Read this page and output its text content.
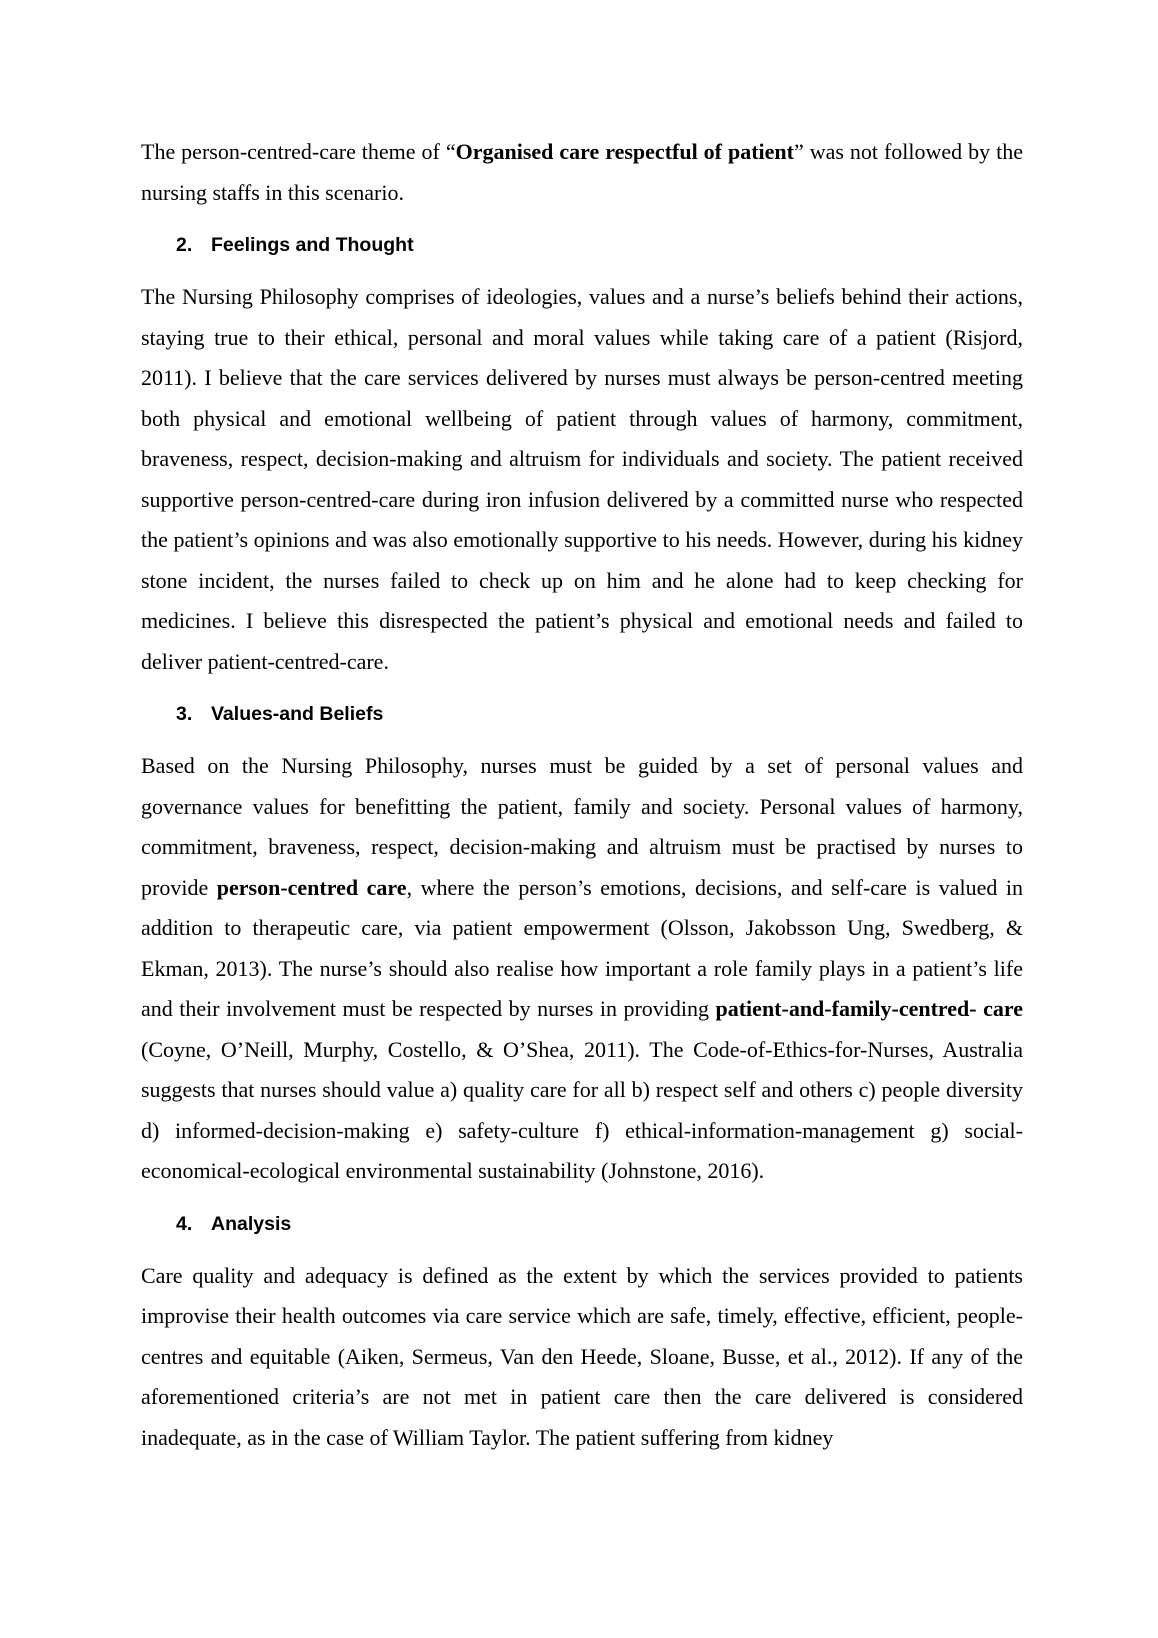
The person-centred-care theme of “Organised care respectful of patient” was not followed by the nursing staffs in this scenario.

2. Feelings and Thought

The Nursing Philosophy comprises of ideologies, values and a nurse’s beliefs behind their actions, staying true to their ethical, personal and moral values while taking care of a patient (Risjord, 2011). I believe that the care services delivered by nurses must always be person-centred meeting both physical and emotional wellbeing of patient through values of harmony, commitment, braveness, respect, decision-making and altruism for individuals and society. The patient received supportive person-centred-care during iron infusion delivered by a committed nurse who respected the patient’s opinions and was also emotionally supportive to his needs. However, during his kidney stone incident, the nurses failed to check up on him and he alone had to keep checking for medicines. I believe this disrespected the patient’s physical and emotional needs and failed to deliver patient-centred-care.

3. Values-and Beliefs

Based on the Nursing Philosophy, nurses must be guided by a set of personal values and governance values for benefitting the patient, family and society. Personal values of harmony, commitment, braveness, respect, decision-making and altruism must be practised by nurses to provide person-centred care, where the person’s emotions, decisions, and self-care is valued in addition to therapeutic care, via patient empowerment (Olsson, Jakobsson Ung, Swedberg, & Ekman, 2013). The nurse’s should also realise how important a role family plays in a patient’s life and their involvement must be respected by nurses in providing patient-and-family-centred- care (Coyne, O’Neill, Murphy, Costello, & O’Shea, 2011). The Code-of-Ethics-for-Nurses, Australia suggests that nurses should value a) quality care for all b) respect self and others c) people diversity d) informed-decision-making e) safety-culture f) ethical-information-management g) social-economical-ecological environmental sustainability (Johnstone, 2016).

4. Analysis

Care quality and adequacy is defined as the extent by which the services provided to patients improvise their health outcomes via care service which are safe, timely, effective, efficient, people-centres and equitable (Aiken, Sermeus, Van den Heede, Sloane, Busse, et al., 2012). If any of the aforementioned criteria’s are not met in patient care then the care delivered is considered inadequate, as in the case of William Taylor. The patient suffering from kidney
